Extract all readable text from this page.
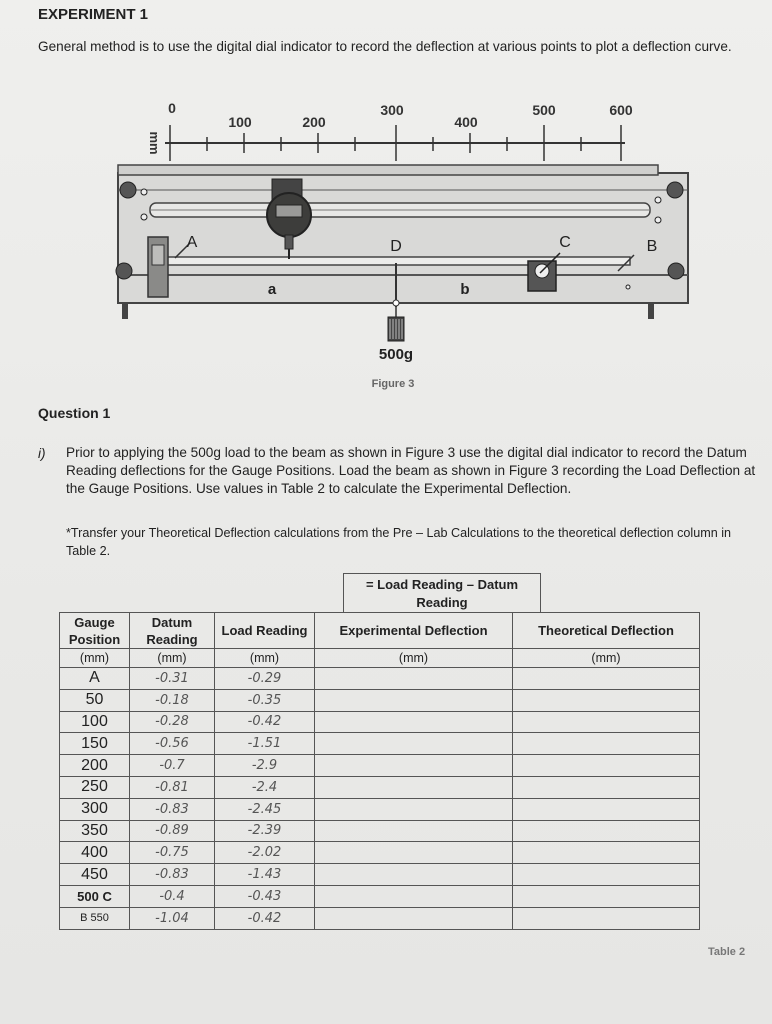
EXPERIMENT 1
General method is to use the digital dial indicator to record the deflection at various points to plot a deflection curve.
mm
0
100	200
300
400
500	600
A	D	C	B
a	b
500g
Figure 3
Question 1
i) Prior to applying the 500g load to the beam as shown in Figure 3 use the digital dial indicator to record the Datum Reading deflections for the Gauge Positions. Load the beam as shown in Figure 3 recording the Load Deflection at the Gauge Positions. Use values in Table 2 to calculate the Experimental Deflection.
*Transfer your Theoretical Deflection calculations from the Pre – Lab Calculations to the theoretical deflection column in Table 2.
= Load Reading – Datum Reading
Gauge Position	Datum Reading	Load Reading	Experimental Deflection	Theoretical Deflection
(mm)	(mm)	(mm)	(mm)	(mm)
A	-0.31	-0.29		
50	-0.18	-0.35		
100	-0.28	-0.42		
150	-0.56	-1.51		
200	-0.7	-2.9		
250	-0.81	-2.4		
300	-0.83	-2.45		
350	-0.89	-2.39		
400	-0.75	-2.02		
450	-0.83	-1.43		
500 C	-0.4	-0.43		
B 550	-1.04	-0.42		
Table 2
